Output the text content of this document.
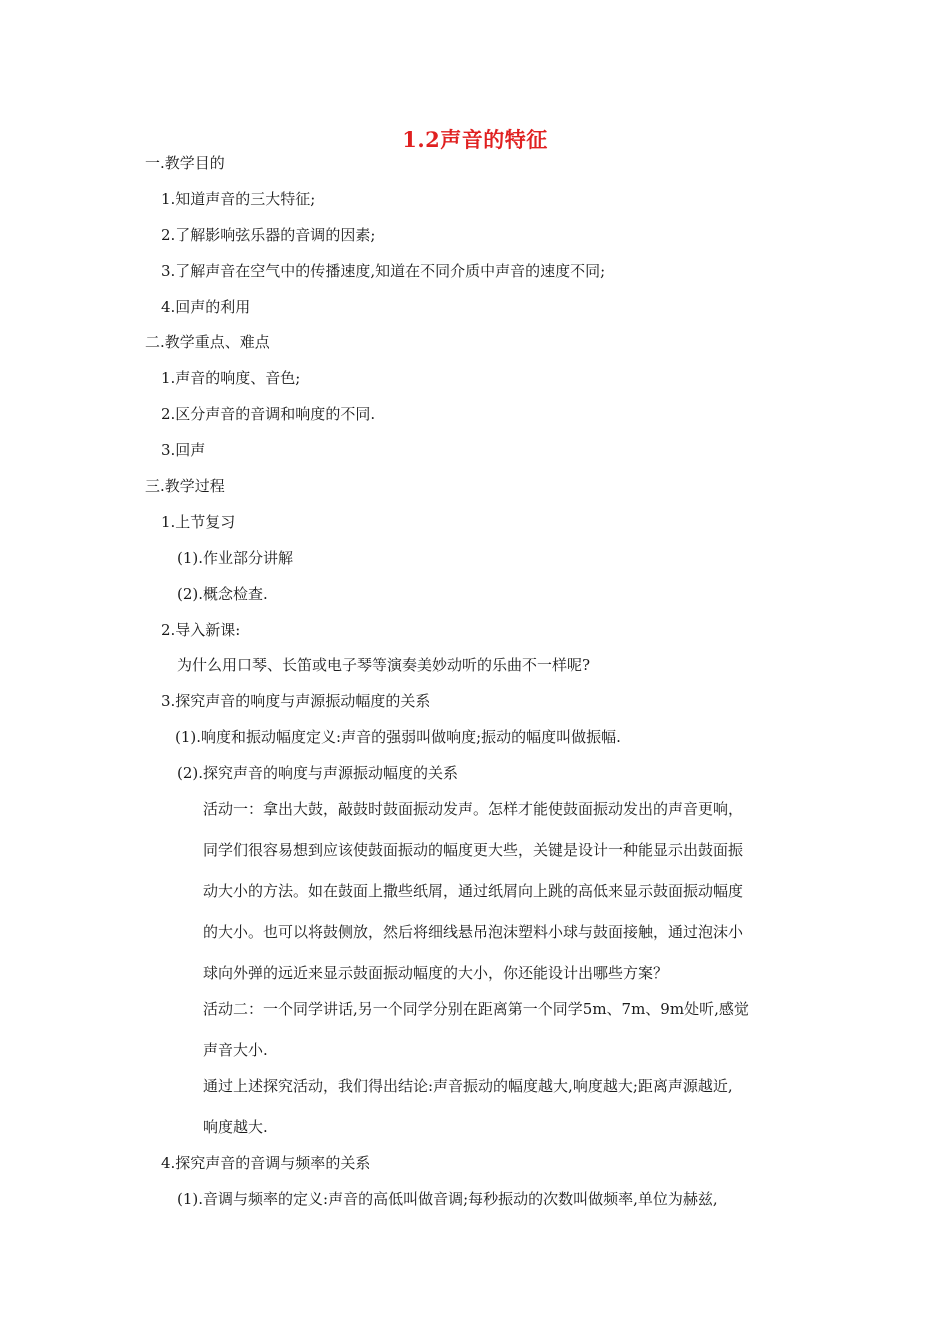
1.2声音的特征
一.教学目的
1.知道声音的三大特征;
2.了解影响弦乐器的音调的因素;
3.了解声音在空气中的传播速度,知道在不同介质中声音的速度不同;
4.回声的利用
二.教学重点、难点
1.声音的响度、音色;
2.区分声音的音调和响度的不同.
3.回声
三.教学过程
1.上节复习
(1).作业部分讲解
(2).概念检查.
2.导入新课:
为什么用口琴、长笛或电子琴等演奏美妙动听的乐曲不一样呢?
3.探究声音的响度与声源振动幅度的关系
(1).响度和振动幅度定义:声音的强弱叫做响度;振动的幅度叫做振幅.
(2).探究声音的响度与声源振动幅度的关系
活动一：拿出大鼓，敲鼓时鼓面振动发声。怎样才能使鼓面振动发出的声音更响，
同学们很容易想到应该使鼓面振动的幅度更大些，关键是设计一种能显示出鼓面振
动大小的方法。如在鼓面上撒些纸屑，通过纸屑向上跳的高低来显示鼓面振动幅度
的大小。也可以将鼓侧放，然后将细线悬吊泡沫塑料小球与鼓面接触，通过泡沫小
球向外弹的远近来显示鼓面振动幅度的大小，你还能设计出哪些方案？
活动二：一个同学讲话,另一个同学分别在距离第一个同学5m、7m、9m处听,感觉
声音大小.
通过上述探究活动，我们得出结论:声音振动的幅度越大,响度越大;距离声源越近,
响度越大.
4.探究声音的音调与频率的关系
(1).音调与频率的定义:声音的高低叫做音调;每秒振动的次数叫做频率,单位为赫兹,
